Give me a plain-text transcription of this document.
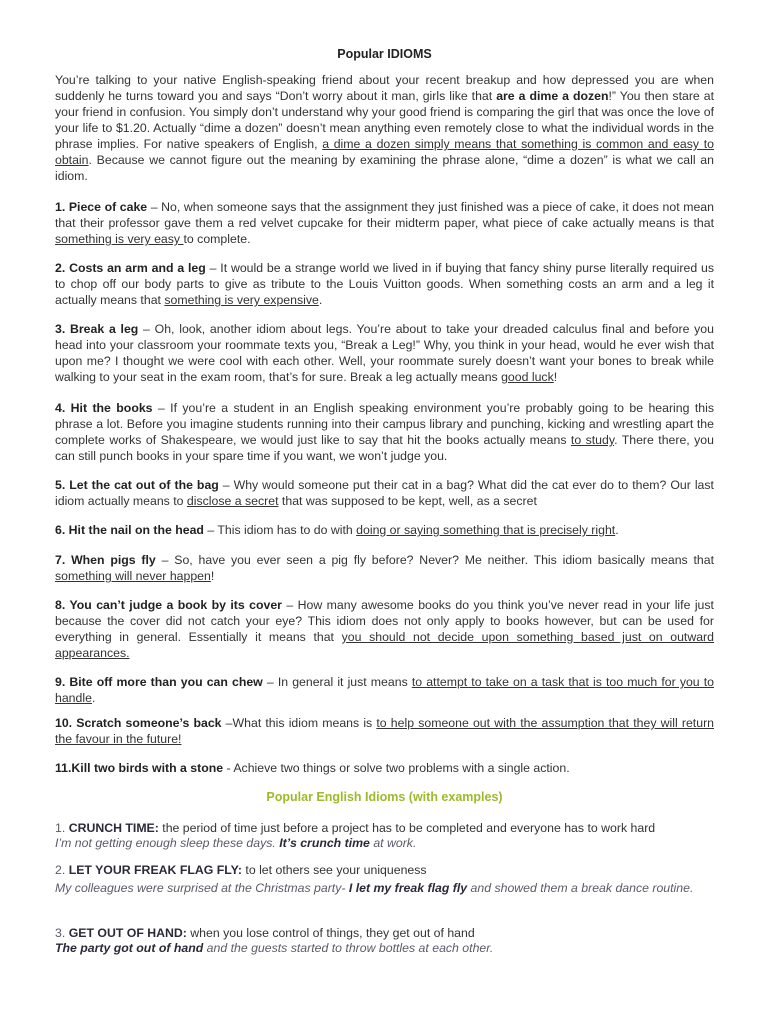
Popular IDIOMS

You’re talking to your native English-speaking friend about your recent breakup and how depressed you are when suddenly he turns toward you and says “Don’t worry about it man, girls like that are a dime a dozen!” You then stare at your friend in confusion. You simply don’t understand why your good friend is comparing the girl that was once the love of your life to $1.20. Actually “dime a dozen” doesn’t mean anything even remotely close to what the individual words in the phrase implies. For native speakers of English, a dime a dozen simply means that something is common and easy to obtain. Because we cannot figure out the meaning by examining the phrase alone, “dime a dozen” is what we call an idiom.

1. Piece of cake – No, when someone says that the assignment they just finished was a piece of cake, it does not mean that their professor gave them a red velvet cupcake for their midterm paper, what piece of cake actually means is that something is very easy to complete.

2. Costs an arm and a leg – It would be a strange world we lived in if buying that fancy shiny purse literally required us to chop off our body parts to give as tribute to the Louis Vuitton goods. When something costs an arm and a leg it actually means that something is very expensive.

3. Break a leg – Oh, look, another idiom about legs. You’re about to take your dreaded calculus final and before you head into your classroom your roommate texts you, “Break a Leg!” Why, you think in your head, would he ever wish that upon me? I thought we were cool with each other. Well, your roommate surely doesn’t want your bones to break while walking to your seat in the exam room, that’s for sure. Break a leg actually means good luck!

4. Hit the books – If you’re a student in an English speaking environment you’re probably going to be hearing this phrase a lot. Before you imagine students running into their campus library and punching, kicking and wrestling apart the complete works of Shakespeare, we would just like to say that hit the books actually means to study. There there, you can still punch books in your spare time if you want, we won’t judge you.

5. Let the cat out of the bag – Why would someone put their cat in a bag? What did the cat ever do to them? Our last idiom actually means to disclose a secret that was supposed to be kept, well, as a secret

6. Hit the nail on the head – This idiom has to do with doing or saying something that is precisely right.

7. When pigs fly – So, have you ever seen a pig fly before? Never? Me neither. This idiom basically means that something will never happen!

8. You can’t judge a book by its cover – How many awesome books do you think you’ve never read in your life just because the cover did not catch your eye? This idiom does not only apply to books however, but can be used for everything in general. Essentially it means that you should not decide upon something based just on outward appearances.

9. Bite off more than you can chew – In general it just means to attempt to take on a task that is too much for you to handle.

10. Scratch someone’s back –What this idiom means is to help someone out with the assumption that they will return the favour in the future!

11.Kill two birds with a stone - Achieve two things or solve two problems with a single action.

Popular English Idioms (with examples)
1. CRUNCH TIME: the period of time just before a project has to be completed and everyone has to work hard
I’m not getting enough sleep these days. It’s crunch time at work.
2. LET YOUR FREAK FLAG FLY: to let others see your uniqueness
My colleagues were surprised at the Christmas party- I let my freak flag fly and showed them a break dance routine.
3. GET OUT OF HAND: when you lose control of things, they get out of hand
The party got out of hand and the guests started to throw bottles at each other.
